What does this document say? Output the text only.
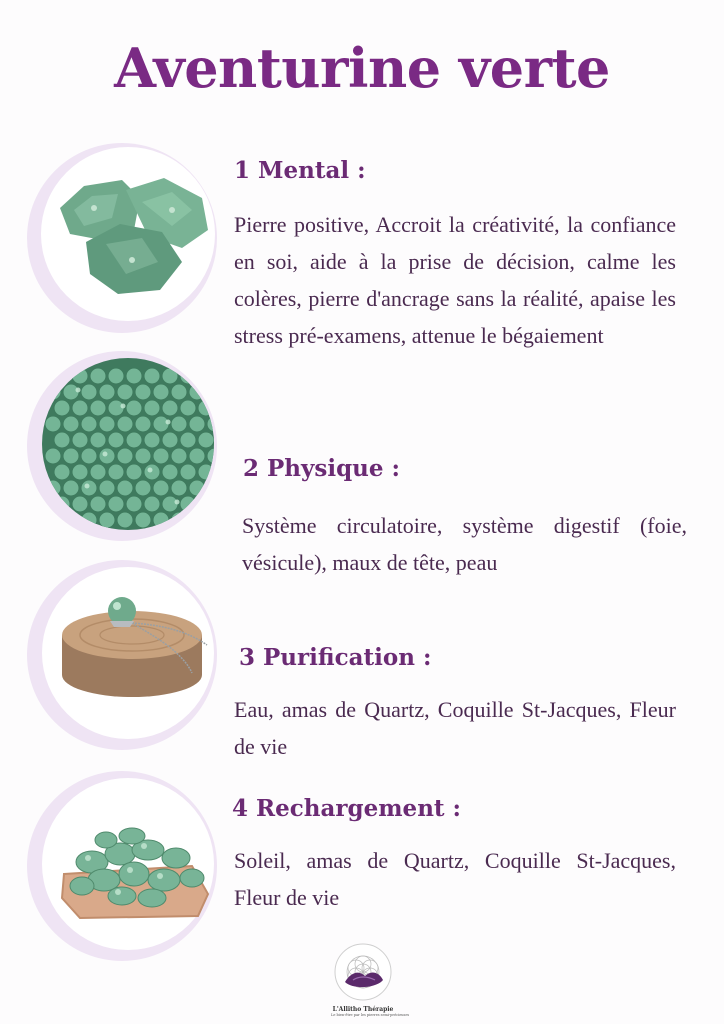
Aventurine verte
1 Mental :

Pierre positive, Accroit la créativité, la confiance en soi, aide à la prise de décision, calme les colères, pierre d'ancrage sans la réalité, apaise les stress pré-examens, attenue le bégaiement

2 Physique :

Système circulatoire, système digestif (foie, vésicule), maux de tête, peau

3 Purification :

Eau, amas de Quartz, Coquille St-Jacques, Fleur de vie

4 Rechargement :

Soleil, amas de Quartz, Coquille St-Jacques, Fleur de vie

L'Allitho Thérapie
Le bien-être par les pierres semi-précieuses
